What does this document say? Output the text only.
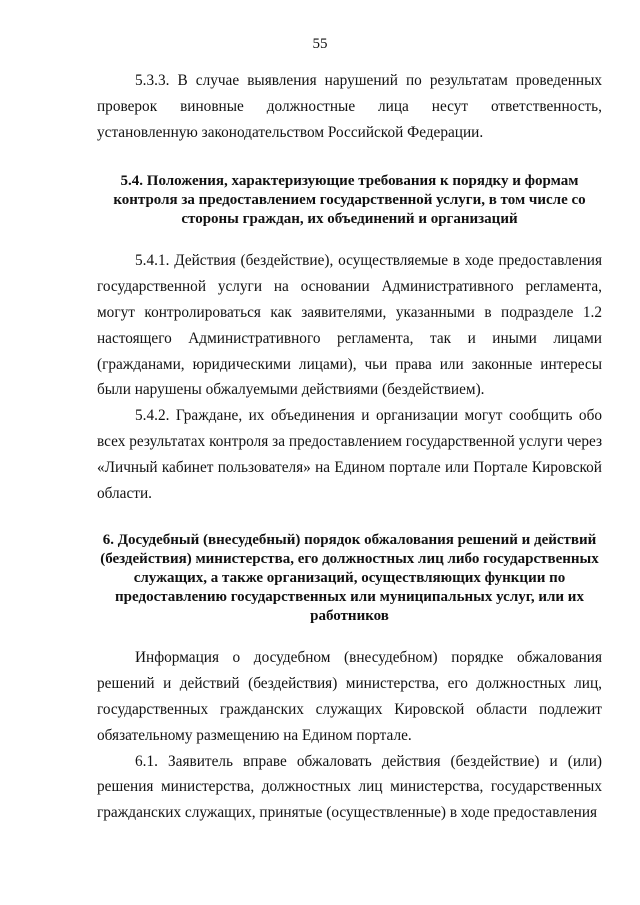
55

5.3.3. В случае выявления нарушений по результатам проведенных проверок виновные должностные лица несут ответственность, установленную законодательством Российской Федерации.

5.4. Положения, характеризующие требования к порядку и формам контроля за предоставлением государственной услуги, в том числе со стороны граждан, их объединений и организаций

5.4.1. Действия (бездействие), осуществляемые в ходе предоставления государственной услуги на основании Административного регламента, могут контролироваться как заявителями, указанными в подразделе 1.2 настоящего Административного регламента, так и иными лицами (гражданами, юридическими лицами), чьи права или законные интересы были нарушены обжалуемыми действиями (бездействием).

5.4.2. Граждане, их объединения и организации могут сообщить обо всех результатах контроля за предоставлением государственной услуги через «Личный кабинет пользователя» на Едином портале или Портале Кировской области.

6. Досудебный (внесудебный) порядок обжалования решений и действий (бездействия) министерства, его должностных лиц либо государственных служащих, а также организаций, осуществляющих функции по предоставлению государственных или муниципальных услуг, или их работников

Информация о досудебном (внесудебном) порядке обжалования решений и действий (бездействия) министерства, его должностных лиц, государственных гражданских служащих Кировской области подлежит обязательному размещению на Едином портале.

6.1. Заявитель вправе обжаловать действия (бездействие) и (или) решения министерства, должностных лиц министерства, государственных гражданских служащих, принятые (осуществленные) в ходе предоставления
